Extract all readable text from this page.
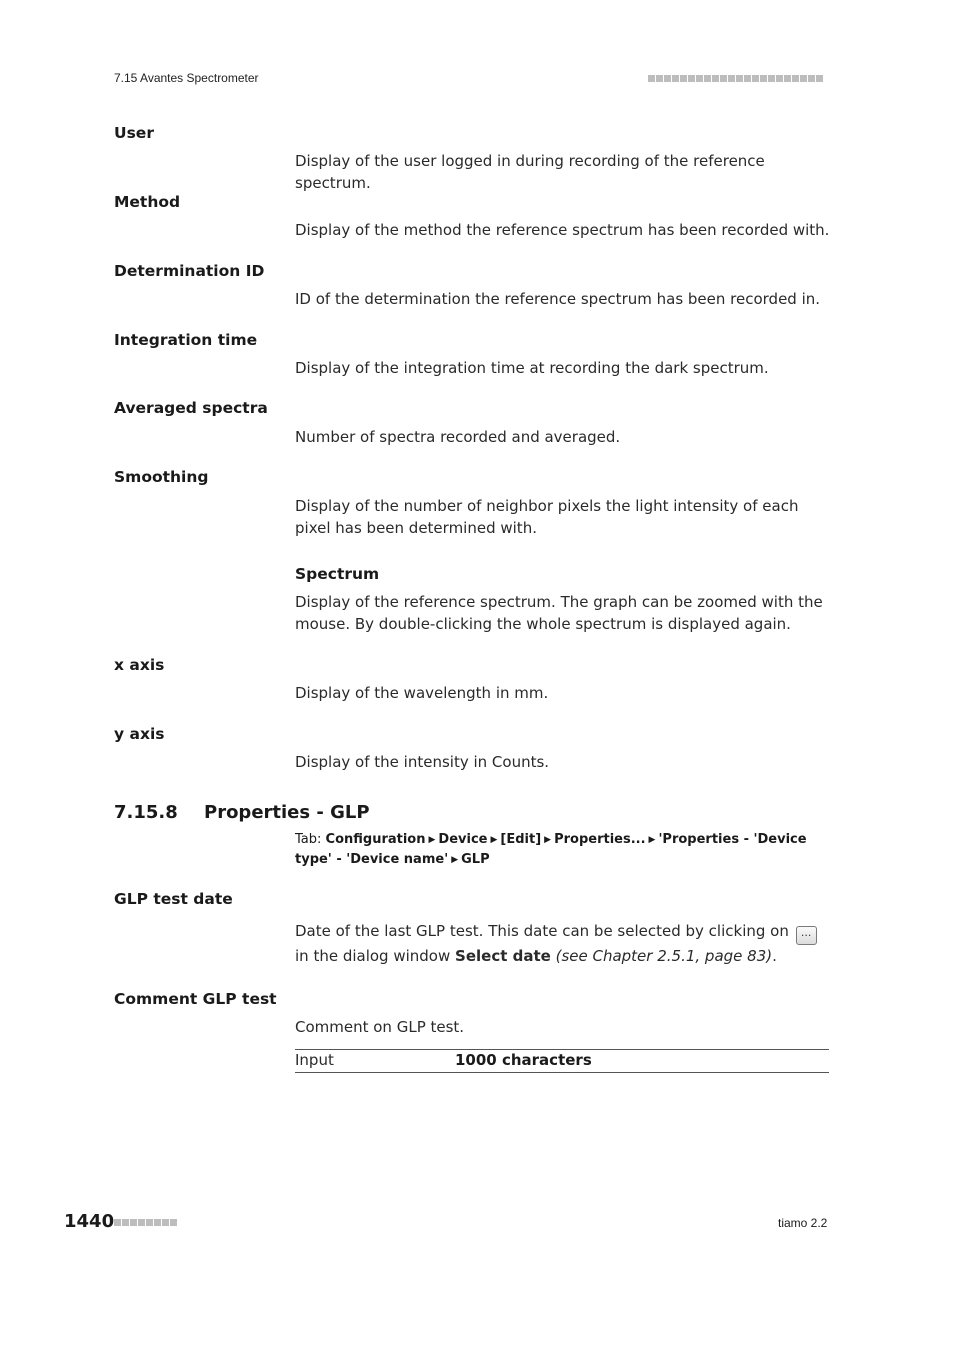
7.15 Avantes Spectrometer
User
Display of the user logged in during recording of the reference spectrum.
Method
Display of the method the reference spectrum has been recorded with.
Determination ID
ID of the determination the reference spectrum has been recorded in.
Integration time
Display of the integration time at recording the dark spectrum.
Averaged spectra
Number of spectra recorded and averaged.
Smoothing
Display of the number of neighbor pixels the light intensity of each pixel has been determined with.
Spectrum
Display of the reference spectrum. The graph can be zoomed with the mouse. By double-clicking the whole spectrum is displayed again.
x axis
Display of the wavelength in mm.
y axis
Display of the intensity in Counts.
7.15.8 Properties - GLP
Tab: Configuration ▶ Device ▶ [Edit] ▶ Properties... ▶ 'Properties - 'Device type' - 'Device name' ▶ GLP
GLP test date
Date of the last GLP test. This date can be selected by clicking on ... in the dialog window Select date (see Chapter 2.5.1, page 83).
Comment GLP test
Comment on GLP test.
Input	1000 characters
1440	tiamo 2.2
